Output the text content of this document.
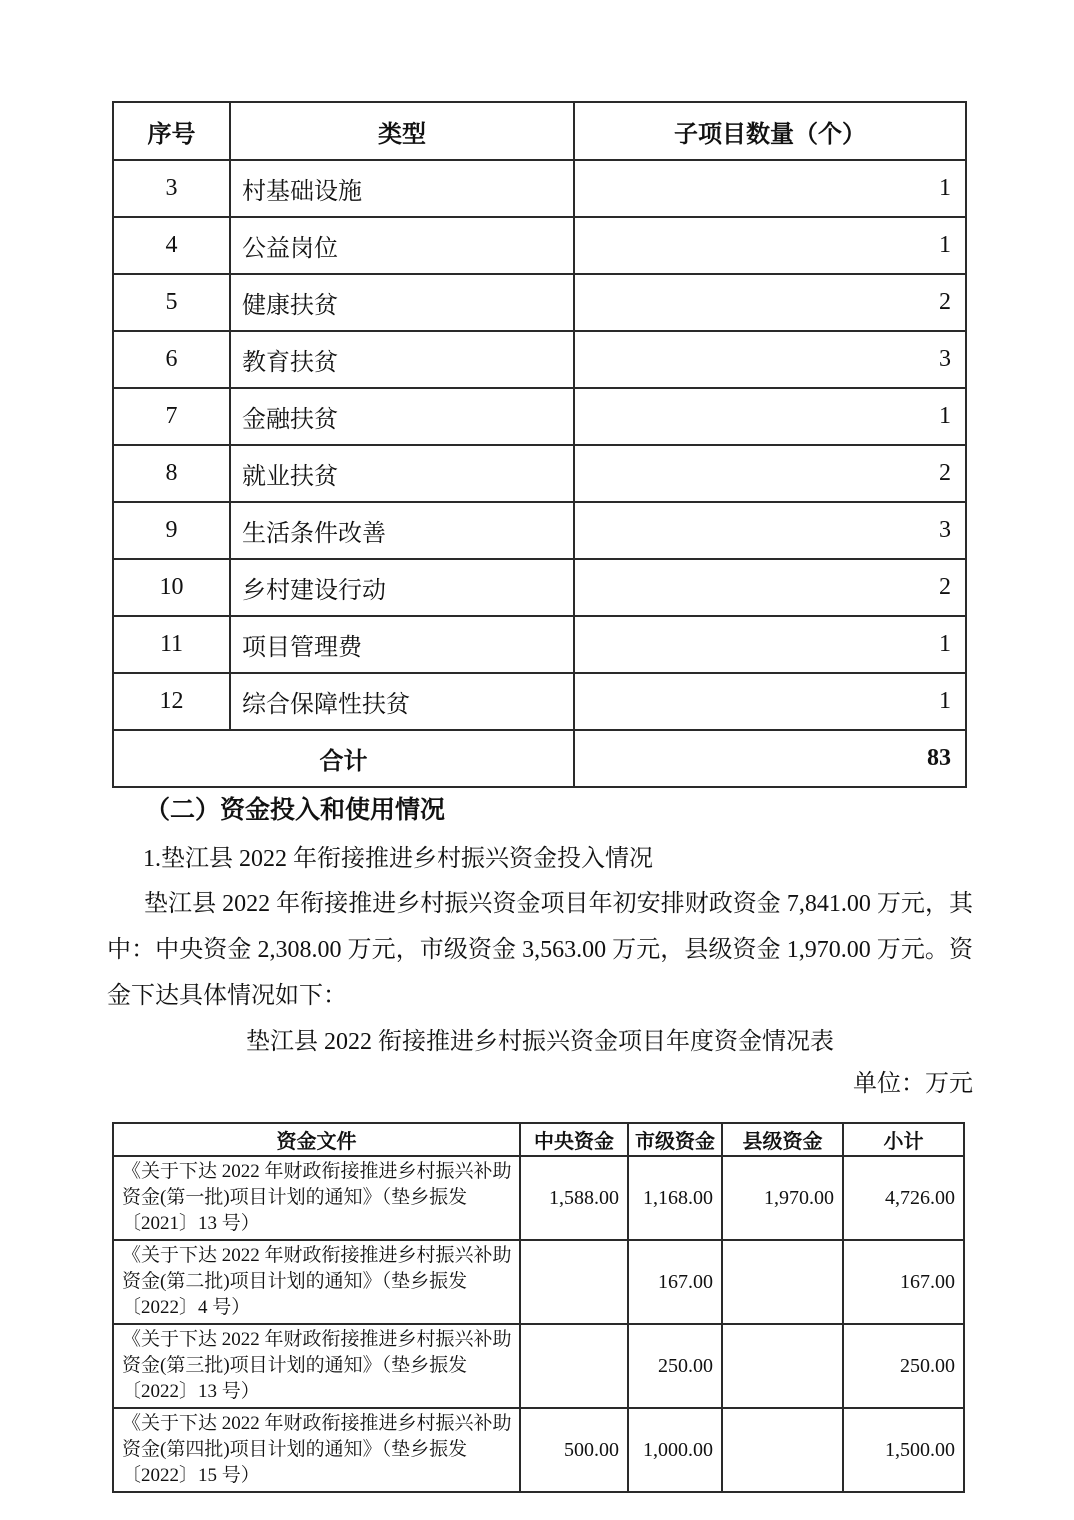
序号	类型	子项目数量（个）
3	村基础设施	1
4	公益岗位	1
5	健康扶贫	2
6	教育扶贫	3
7	金融扶贫	1
8	就业扶贫	2
9	生活条件改善	3
10	乡村建设行动	2
11	项目管理费	1
12	综合保障性扶贫	1
合计		83
（二）资金投入和使用情况
1.垫江县 2022 年衔接推进乡村振兴资金投入情况
垫江县 2022 年衔接推进乡村振兴资金项目年初安排财政资金 7,841.00 万元，其中：中央资金 2,308.00 万元，市级资金 3,563.00 万元，县级资金 1,970.00 万元。资金下达具体情况如下：
垫江县 2022 衔接推进乡村振兴资金项目年度资金情况表
单位：万元
资金文件	中央资金	市级资金	县级资金	小计
《关于下达 2022 年财政衔接推进乡村振兴补助资金(第一批)项目计划的通知》（垫乡振发〔2021〕13 号）	1,588.00	1,168.00	1,970.00	4,726.00
《关于下达 2022 年财政衔接推进乡村振兴补助资金(第二批)项目计划的通知》（垫乡振发〔2022〕4 号）		167.00		167.00
《关于下达 2022 年财政衔接推进乡村振兴补助资金(第三批)项目计划的通知》（垫乡振发〔2022〕13 号）		250.00		250.00
《关于下达 2022 年财政衔接推进乡村振兴补助资金(第四批)项目计划的通知》（垫乡振发〔2022〕15 号）	500.00	1,000.00		1,500.00
